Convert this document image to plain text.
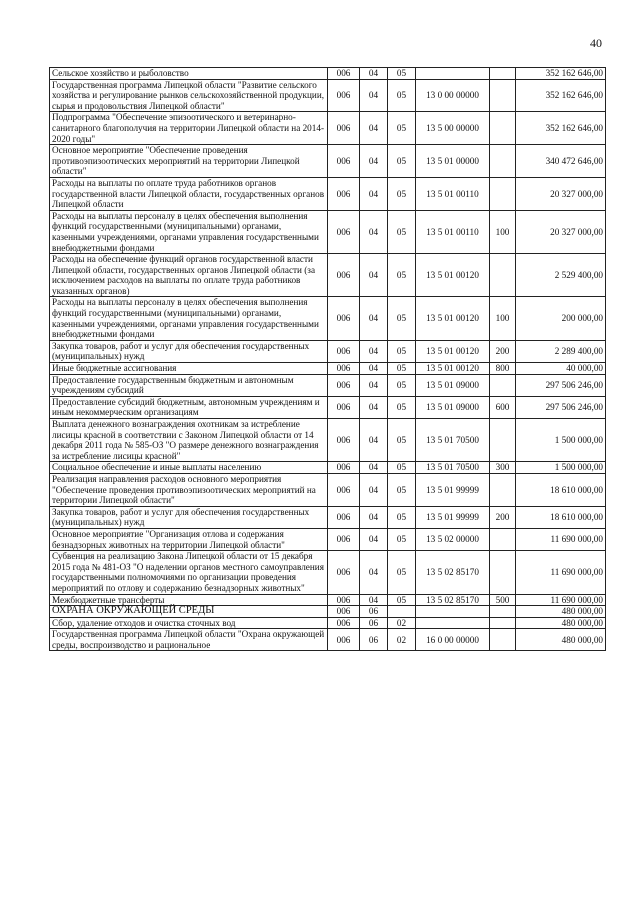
40
Сельское хозяйство и рыболовство	006	04	05			352 162 646,00
Государственная программа Липецкой области "Развитие сельского хозяйства и регулирование рынков сельскохозяйственной продукции, сырья и продовольствия Липецкой области"	006	04	05	13 0 00 00000		352 162 646,00
Подпрограмма "Обеспечение эпизоотического и ветеринарно-санитарного благополучия на территории Липецкой области на 2014-2020 годы"	006	04	05	13 5 00 00000		352 162 646,00
Основное мероприятие "Обеспечение проведения противоэпизоотических мероприятий на территории Липецкой области"	006	04	05	13 5 01 00000		340 472 646,00
Расходы на выплаты по оплате труда работников органов государственной власти Липецкой области, государственных органов Липецкой области	006	04	05	13 5 01 00110		20 327 000,00
Расходы на выплаты персоналу в целях обеспечения выполнения функций государственными (муниципальными) органами, казенными учреждениями, органами управления государственными внебюджетными фондами	006	04	05	13 5 01 00110	100	20 327 000,00
Расходы на обеспечение функций органов государственной власти Липецкой области, государственных органов Липецкой области (за исключением расходов на выплаты по оплате труда работников указанных органов)	006	04	05	13 5 01 00120		2 529 400,00
Расходы на выплаты персоналу в целях обеспечения выполнения функций государственными (муниципальными) органами, казенными учреждениями, органами управления государственными внебюджетными фондами	006	04	05	13 5 01 00120	100	200 000,00
Закупка товаров, работ и услуг для обеспечения государственных (муниципальных) нужд	006	04	05	13 5 01 00120	200	2 289 400,00
Иные бюджетные ассигнования	006	04	05	13 5 01 00120	800	40 000,00
Предоставление государственным бюджетным и автономным учреждениям субсидий	006	04	05	13 5 01 09000		297 506 246,00
Предоставление субсидий бюджетным, автономным учреждениям и иным некоммерческим организациям	006	04	05	13 5 01 09000	600	297 506 246,00
Выплата денежного вознаграждения охотникам за истребление лисицы красной в соответствии с Законом Липецкой области от 14 декабря 2011 года № 585-ОЗ "О размере денежного вознаграждения за истребление лисицы красной"	006	04	05	13 5 01 70500		1 500 000,00
Социальное обеспечение и иные выплаты населению	006	04	05	13 5 01 70500	300	1 500 000,00
Реализация направления расходов основного мероприятия "Обеспечение проведения противоэпизоотических мероприятий на территории Липецкой области"	006	04	05	13 5 01 99999		18 610 000,00
Закупка товаров, работ и услуг для обеспечения государственных (муниципальных) нужд	006	04	05	13 5 01 99999	200	18 610 000,00
Основное мероприятие "Организация отлова и содержания безнадзорных животных на территории Липецкой области"	006	04	05	13 5 02 00000		11 690 000,00
Субвенция на реализацию Закона Липецкой области от 15 декабря 2015 года № 481-ОЗ "О наделении органов местного самоуправления государственными полномочиями по организации проведения мероприятий по отлову и содержанию безнадзорных животных"	006	04	05	13 5 02 85170		11 690 000,00
Межбюджетные трансферты	006	04	05	13 5 02 85170	500	11 690 000,00
ОХРАНА ОКРУЖАЮЩЕЙ СРЕДЫ	006	06				480 000,00
Сбор, удаление отходов и очистка сточных вод	006	06	02			480 000,00
Государственная программа Липецкой области "Охрана окружающей среды, воспроизводство и рациональное	006	06	02	16 0 00 00000		480 000,00
